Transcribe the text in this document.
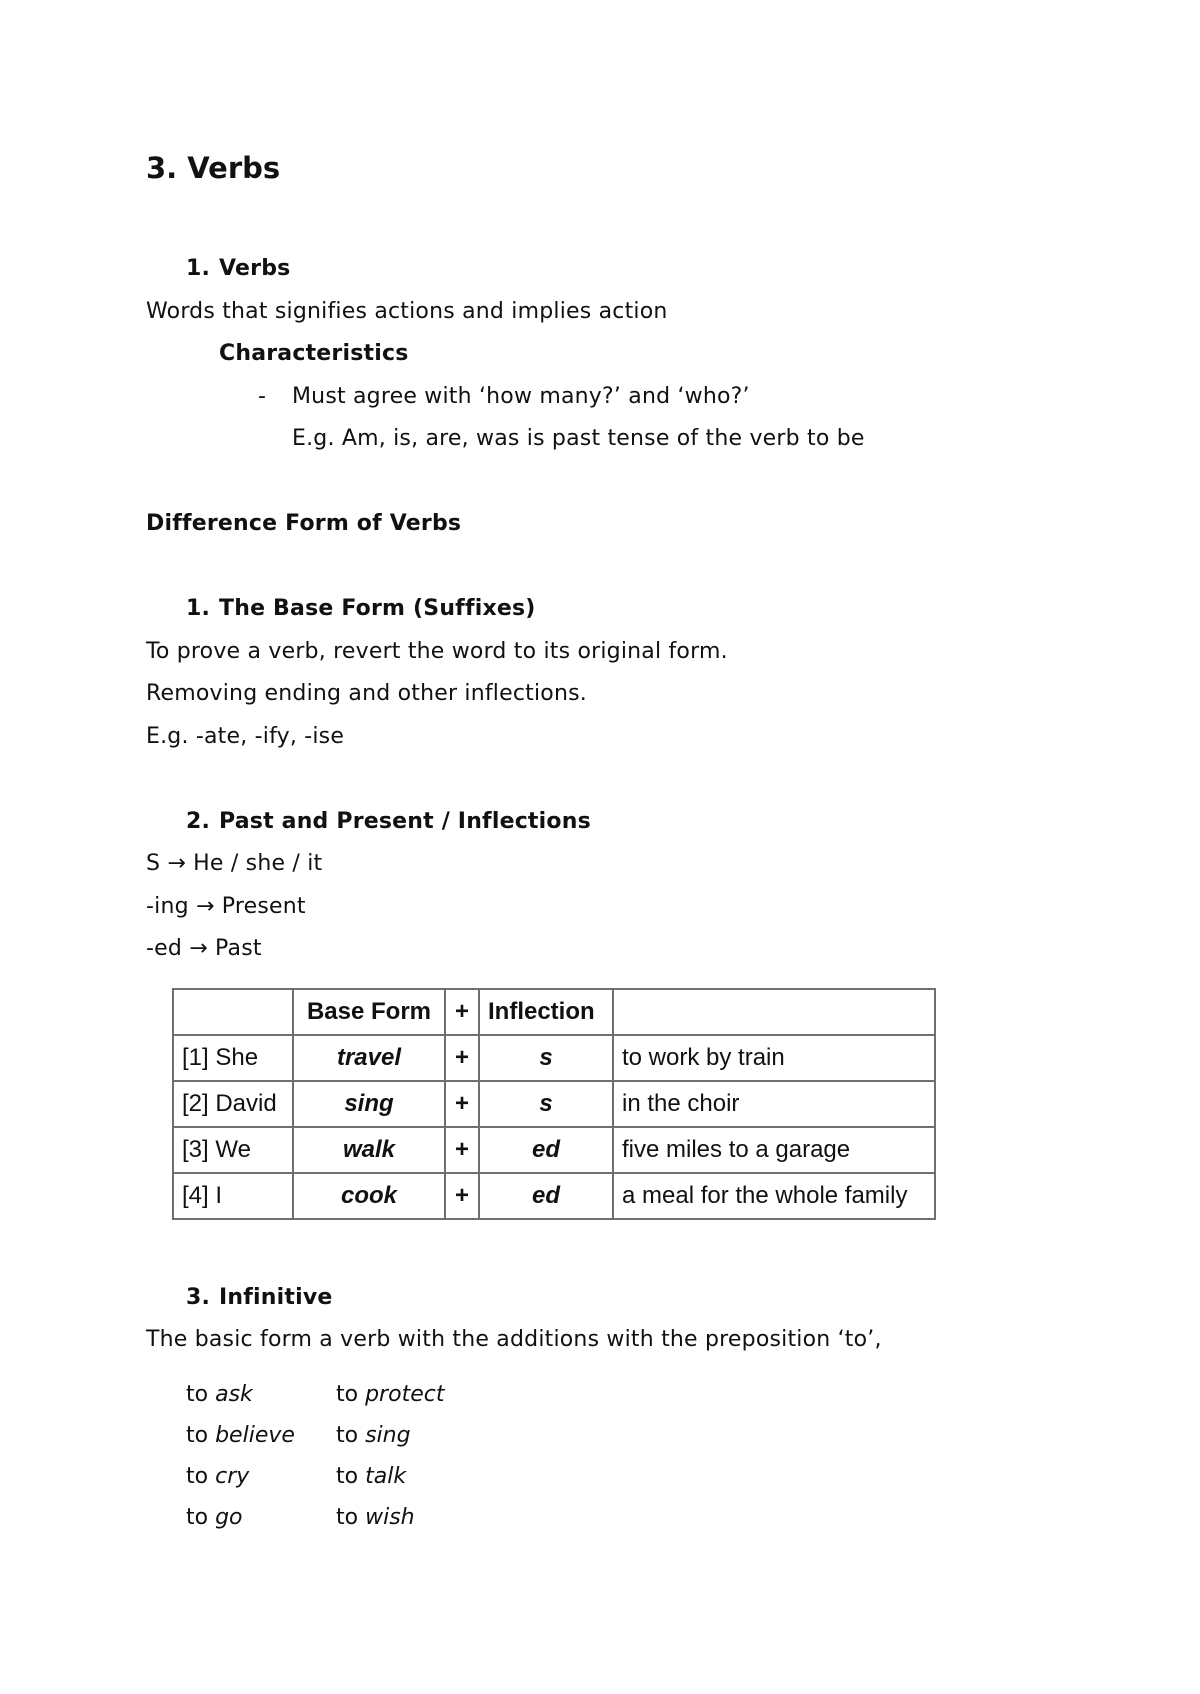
3. Verbs
1. Verbs
Words that signifies actions and implies action
Characteristics
- Must agree with ‘how many?’ and ‘who?’
E.g. Am, is, are, was is past tense of the verb to be
Difference Form of Verbs
1. The Base Form (Suffixes)
To prove a verb, revert the word to its original form.
Removing ending and other inflections.
E.g. -ate, -ify, -ise
2. Past and Present / Inflections
S → He / she / it
-ing → Present
-ed → Past
	Base Form	+	Inflection	
[1] She	travel	+	s	to work by train
[2] David	sing	+	s	in the choir
[3] We	walk	+	ed	five miles to a garage
[4] I	cook	+	ed	a meal for the whole family
3. Infinitive
The basic form a verb with the additions with the preposition ‘to’,
to ask	to protect
to believe	to sing
to cry	to talk
to go	to wish
